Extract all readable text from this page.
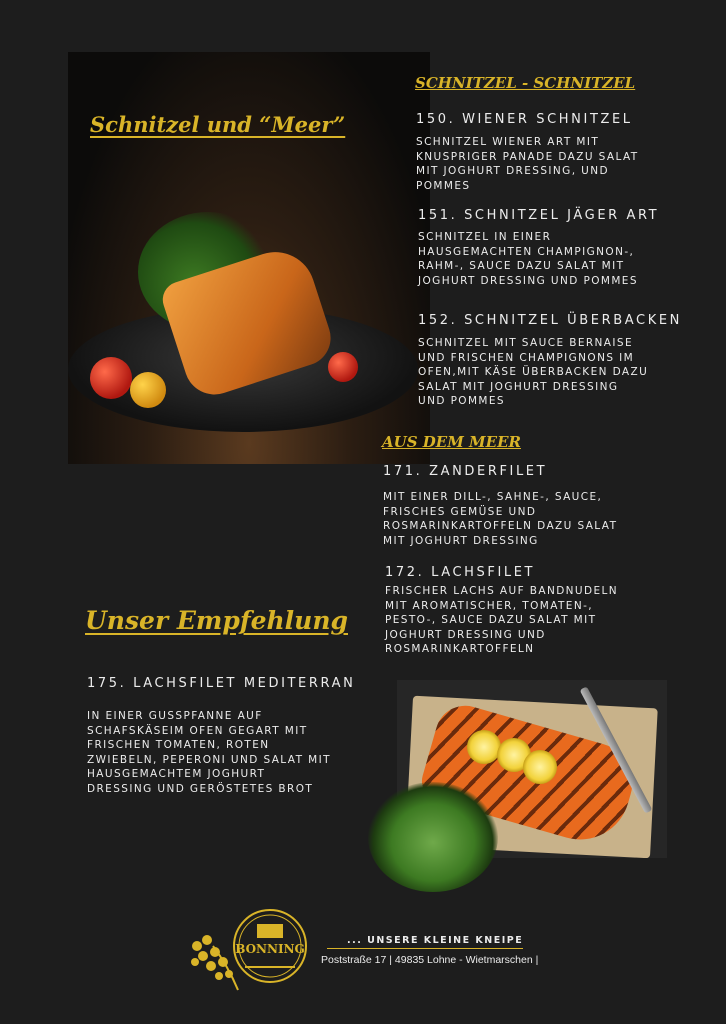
Schnitzel und “Meer”
SCHNITZEL - SCHNITZEL
150. WIENER SCHNITZEL
SCHNITZEL WIENER ART MIT
KNUSPRIGER PANADE DAZU SALAT
MIT JOGHURT DRESSING, UND
POMMES
151. SCHNITZEL JÄGER ART
SCHNITZEL IN EINER
HAUSGEMACHTEN CHAMPIGNON-,
RAHM-, SAUCE DAZU SALAT MIT
JOGHURT DRESSING UND POMMES
152. SCHNITZEL ÜBERBACKEN
SCHNITZEL MIT SAUCE BERNAISE
UND FRISCHEN CHAMPIGNONS IM
OFEN,MIT KÄSE ÜBERBACKEN DAZU
SALAT MIT JOGHURT DRESSING
UND POMMES
AUS DEM MEER
171. ZANDERFILET
MIT EINER DILL-, SAHNE-, SAUCE,
FRISCHES GEMÜSE UND
ROSMARINKARTOFFELN DAZU SALAT
MIT JOGHURT DRESSING
172. LACHSFILET
FRISCHER LACHS AUF BANDNUDELN
MIT AROMATISCHER, TOMATEN-,
PESTO-, SAUCE DAZU SALAT MIT
JOGHURT DRESSING UND
ROSMARINKARTOFFELN
Unser Empfehlung
175. LACHSFILET MEDITERRAN
IN EINER GUSSPFANNE AUF
SCHAFSKÄSEIM OFEN GEGART MIT
FRISCHEN TOMATEN, ROTEN
ZWIEBELN, PEPERONI UND SALAT MIT
HAUSGEMACHTEM JOGHURT
DRESSING UND GERÖSTETES BROT
BONNING
... UNSERE KLEINE KNEIPE
Poststraße 17 | 49835 Lohne - Wietmarschen |
